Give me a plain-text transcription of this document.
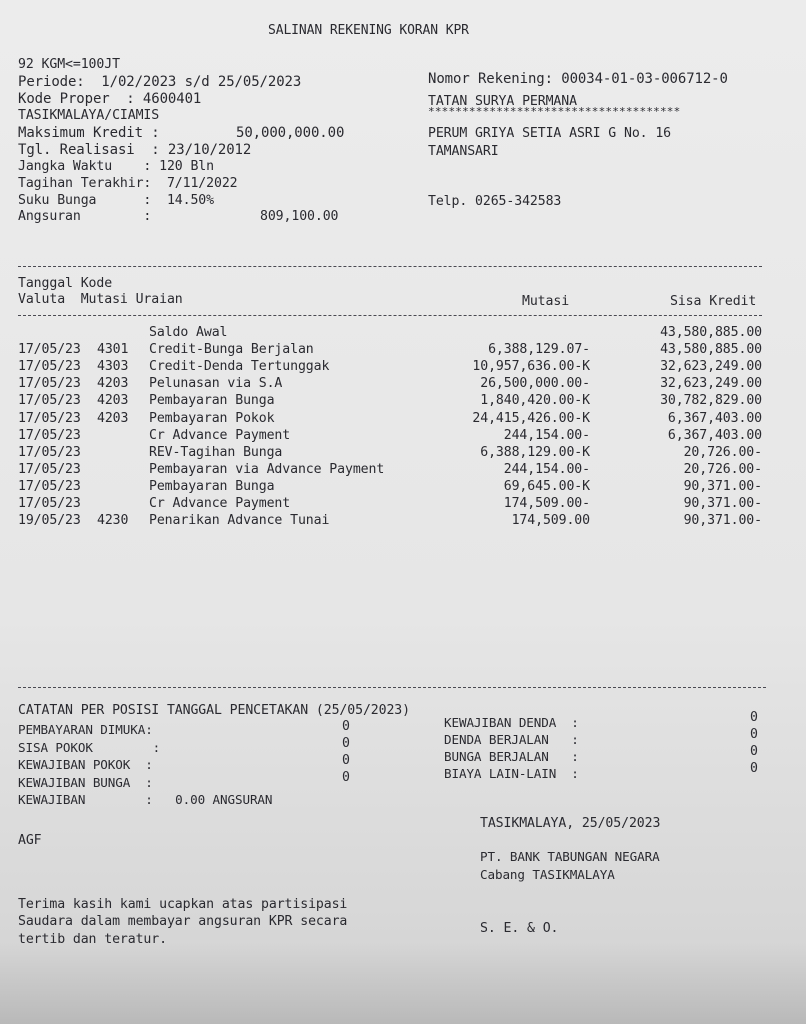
SALINAN REKENING KORAN KPR
92 KGM<=100JT
Periode:  1/02/2023 s/d 25/05/2023
Kode Proper  : 4600401
TASIKMALAYA/CIAMIS
Maksimum Kredit :	50,000,000.00
Tgl. Realisasi  : 23/10/2012
Jangka Waktu    : 120 Bln
Tagihan Terakhir:  7/11/2022
Suku Bunga      :  14.50%
Angsuran        :	809,100.00
Nomor Rekening: 00034-01-03-006712-0
TATAN SURYA PERMANA
*************************************
PERUM GRIYA SETIA ASRI G No. 16
TAMANSARI
Telp. 0265-342583
Tanggal Kode
Valuta  Mutasi Uraian	Mutasi	Sisa Kredit
Saldo Awal	43,580,885.00
17/05/23 4301 Credit-Bunga Berjalan	6,388,129.07-	43,580,885.00
17/05/23 4303 Credit-Denda Tertunggak	10,957,636.00-K	32,623,249.00
17/05/23 4203 Pelunasan via S.A	26,500,000.00-	32,623,249.00
17/05/23 4203 Pembayaran Bunga	1,840,420.00-K	30,782,829.00
17/05/23 4203 Pembayaran Pokok	24,415,426.00-K	6,367,403.00
17/05/23	Cr Advance Payment	244,154.00-	6,367,403.00
17/05/23	REV-Tagihan Bunga	6,388,129.00-K	20,726.00-
17/05/23	Pembayaran via Advance Payment	244,154.00-	20,726.00-
17/05/23	Pembayaran Bunga	69,645.00-K	90,371.00-
17/05/23	Cr Advance Payment	174,509.00-	90,371.00-
19/05/23 4230 Penarikan Advance Tunai	174,509.00	90,371.00-
CATATAN PER POSISI TANGGAL PENCETAKAN (25/05/2023)
PEMBAYARAN DIMUKA:	0
SISA POKOK        :	0
KEWAJIBAN POKOK  :	0
KEWAJIBAN BUNGA  :	0
KEWAJIBAN DENDA  :	0
DENDA BERJALAN   :	0
BUNGA BERJALAN   :	0
BIAYA LAIN-LAIN  :	0
KEWAJIBAN        :   0.00 ANGSURAN
TASIKMALAYA, 25/05/2023
AGF
PT. BANK TABUNGAN NEGARA
Cabang TASIKMALAYA
Terima kasih kami ucapkan atas partisipasi
Saudara dalam membayar angsuran KPR secara
tertib dan teratur.
S. E. & O.
